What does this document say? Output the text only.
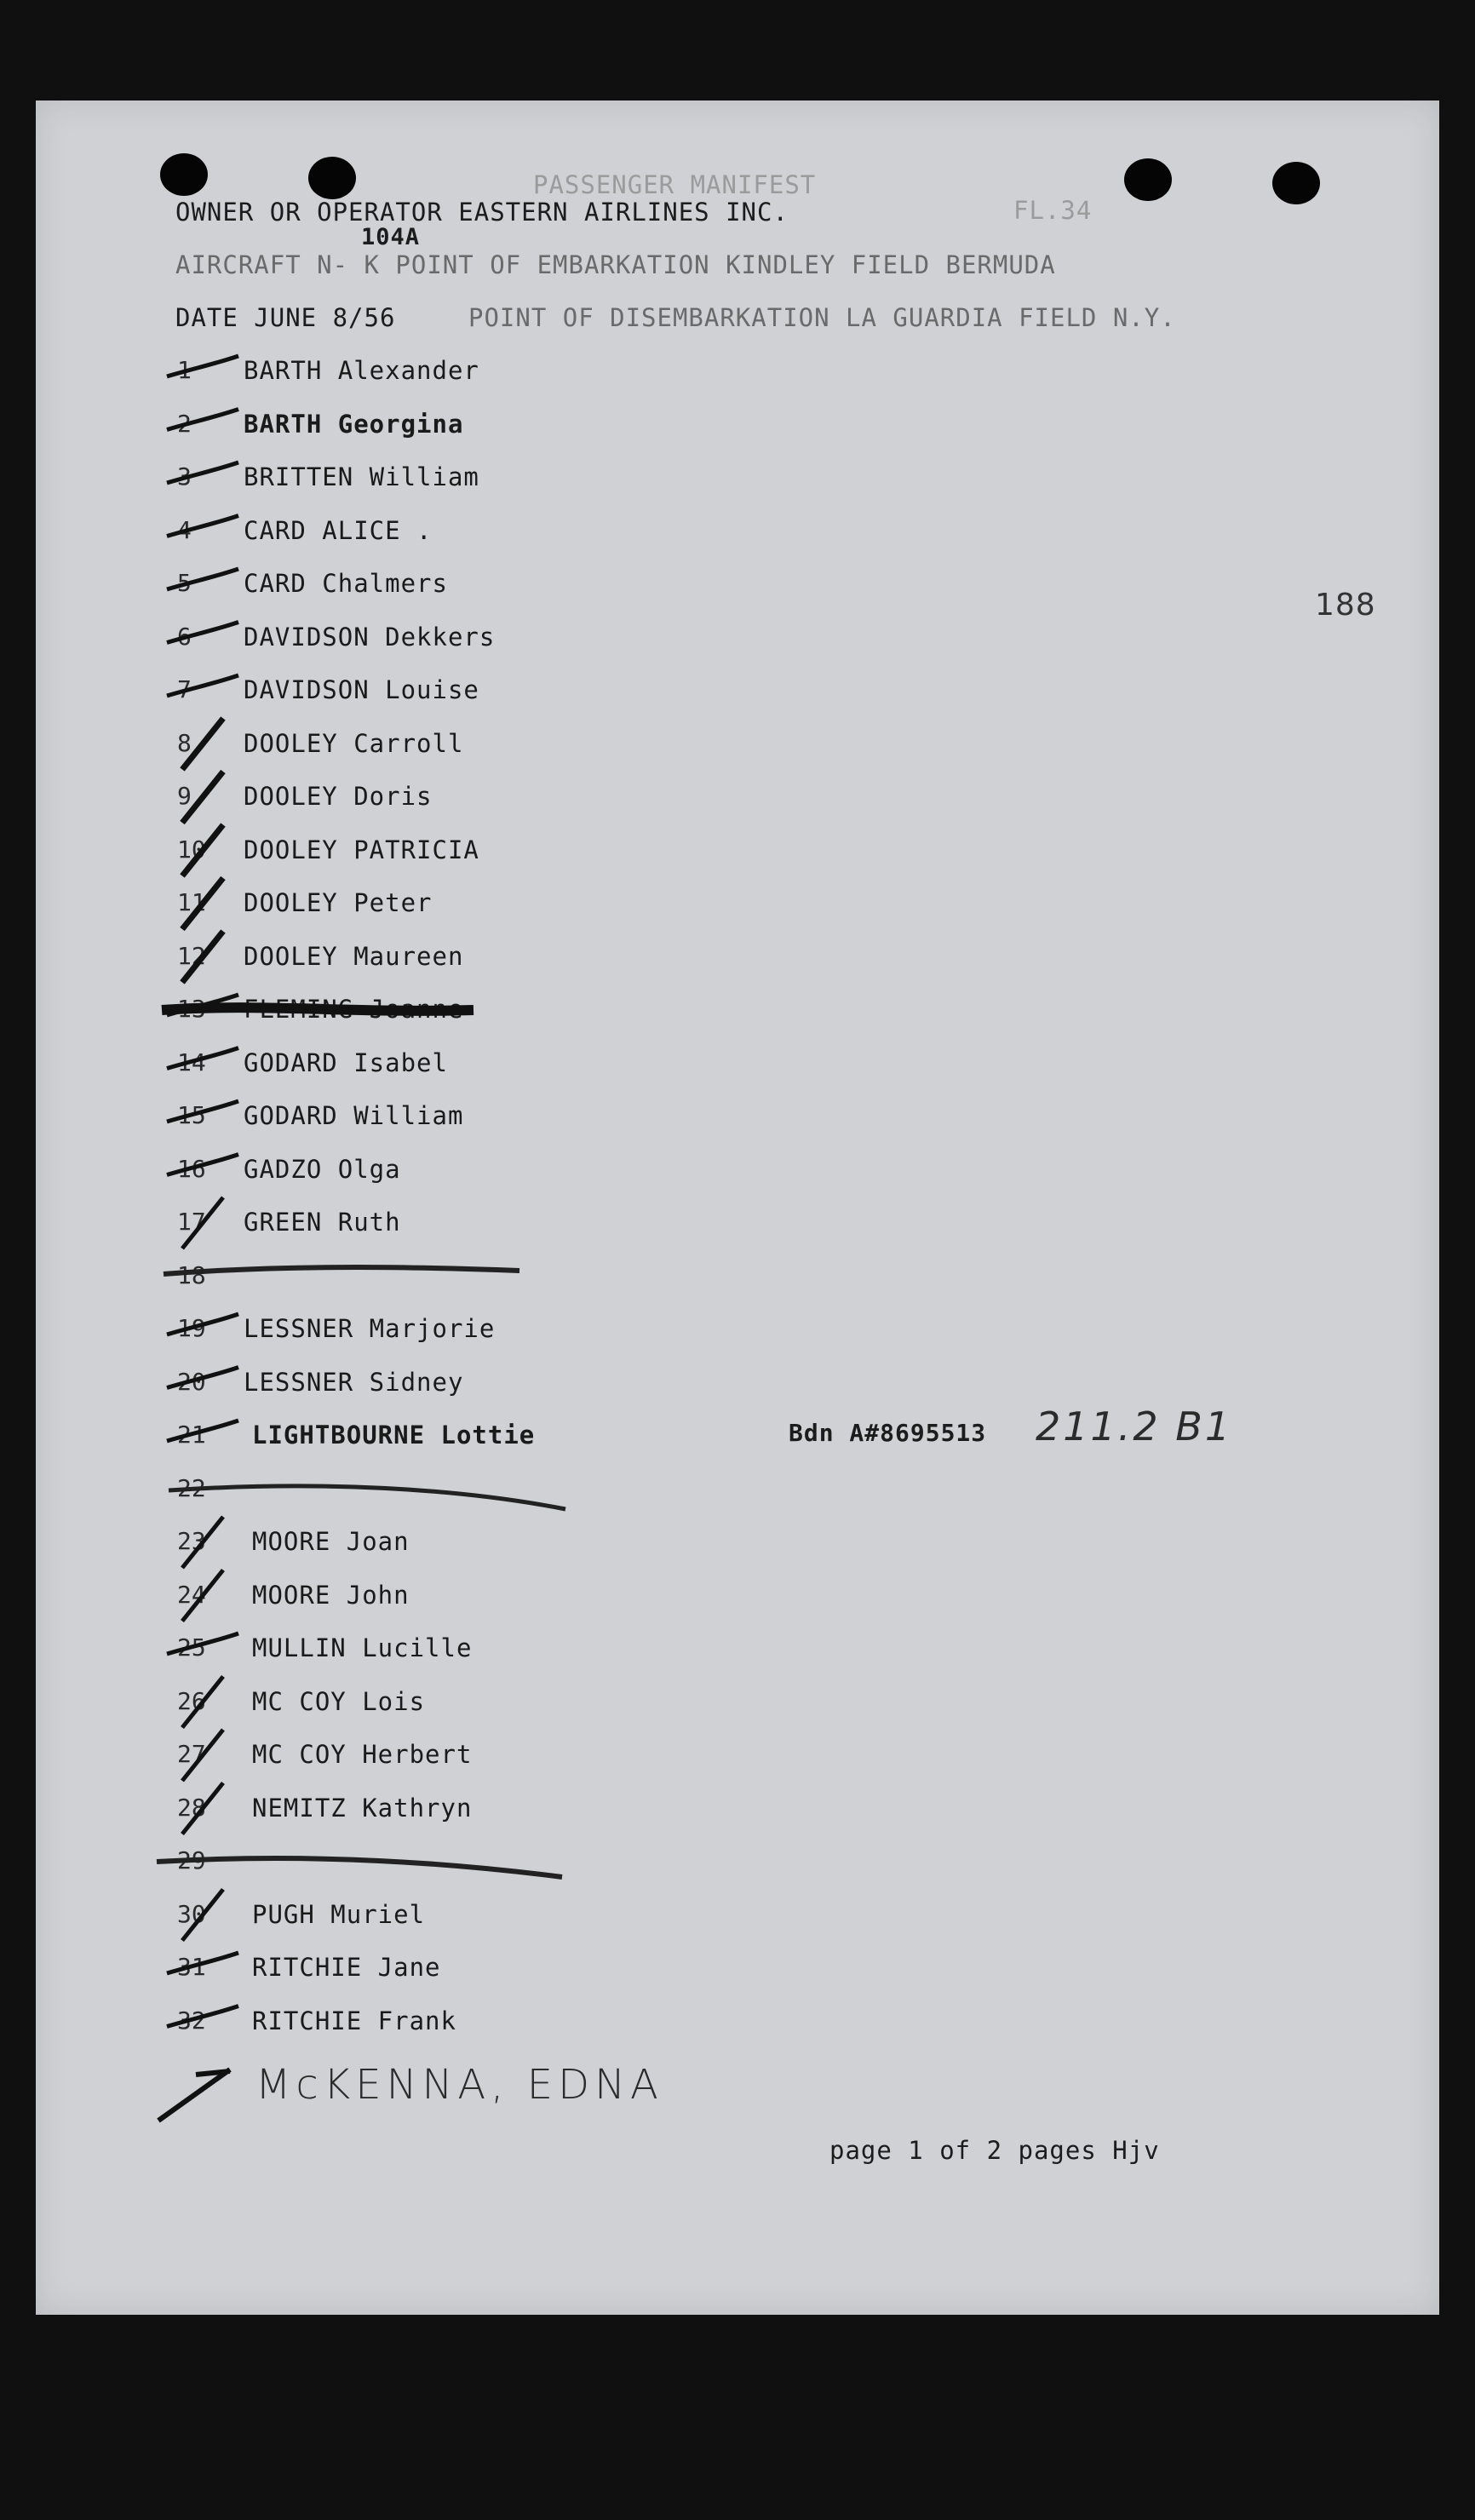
PASSENGER MANIFEST
OWNER OR OPERATOR EASTERN AIRLINES INC.	FL.34
104A
AIRCRAFT N- K POINT OF EMBARKATION KINDLEY FIELD BERMUDA
DATE JUNE 8/56	POINT OF DISEMBARKATION LA GUARDIA FIELD N.Y.
188
1 BARTH Alexander
2 BARTH Georgina
3 BRITTEN William
4 CARD ALICE .
5 CARD Chalmers
6 DAVIDSON Dekkers
7 DAVIDSON Louise
8 DOOLEY Carroll
9 DOOLEY Doris
10 DOOLEY PATRICIA
11 DOOLEY Peter
12 DOOLEY Maureen
13 FLEMING Joanne
14 GODARD Isabel
15 GODARD William
16 GADZO Olga
17 GREEN Ruth
18
19 LESSNER Marjorie
20 LESSNER Sidney
21 LIGHTBOURNE Lottie
22
23 MOORE Joan
24 MOORE John
25 MULLIN Lucille
26 MC COY Lois
27 MC COY Herbert
28 NEMITZ Kathryn
29
30 PUGH Muriel
31 RITCHIE Jane
32 RITCHIE Frank
Bdn A#8695513 211.2 B1
McKENNA, EDNA
page 1 of 2 pages Hjv
